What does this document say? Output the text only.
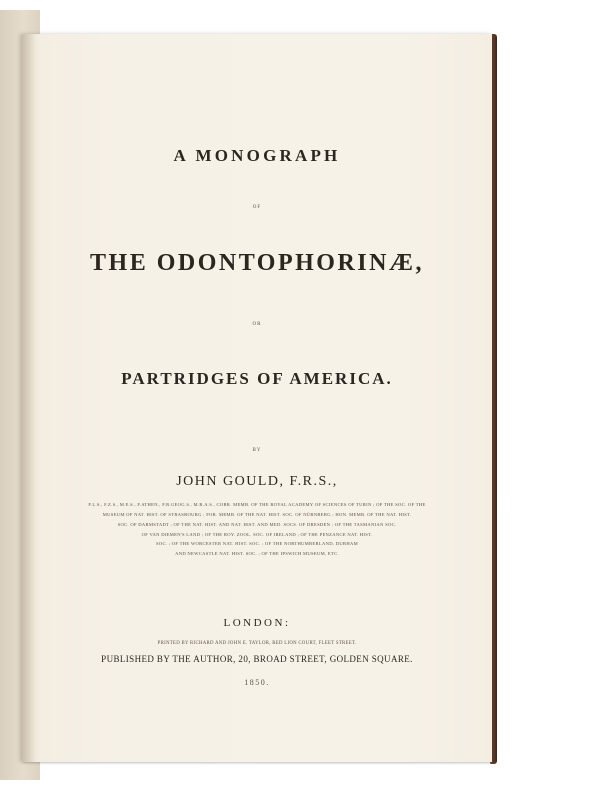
A MONOGRAPH
OF
THE ODONTOPHORINÆ,
OR
PARTRIDGES OF AMERICA.
BY
JOHN GOULD, F.R.S.,
F.L.S., F.Z.S., M.E.S., F.ATHEN., F.R.GEOG.S., M.R.A.S., CORR. MEMB. OF THE ROYAL ACADEMY OF SCIENCES OF TURIN ; OF THE SOC. OF THE
MUSEUM OF NAT. HIST. OF STRASBOURG ; FOR. MEMB. OF THE NAT. HIST. SOC. OF NÜRNBERG ; HON. MEMB. OF THE NAT. HIST.
SOC. OF DARMSTADT ; OF THE NAT. HIST. AND NAT. HIST. AND MED. SOCS. OF DRESDEN ; OF THE TASMANIAN SOC.
OF VAN DIEMEN'S LAND ; OF THE ROY. ZOOL. SOC. OF IRELAND ; OF THE PENZANCE NAT. HIST.
SOC. ; OF THE WORCESTER NAT. HIST. SOC. ; OF THE NORTHUMBERLAND, DURHAM
AND NEWCASTLE NAT. HIST. SOC. ; OF THE IPSWICH MUSEUM, ETC.
LONDON:
PRINTED BY RICHARD AND JOHN E. TAYLOR, RED LION COURT, FLEET STREET.
PUBLISHED BY THE AUTHOR, 20, BROAD STREET, GOLDEN SQUARE.
1850.
